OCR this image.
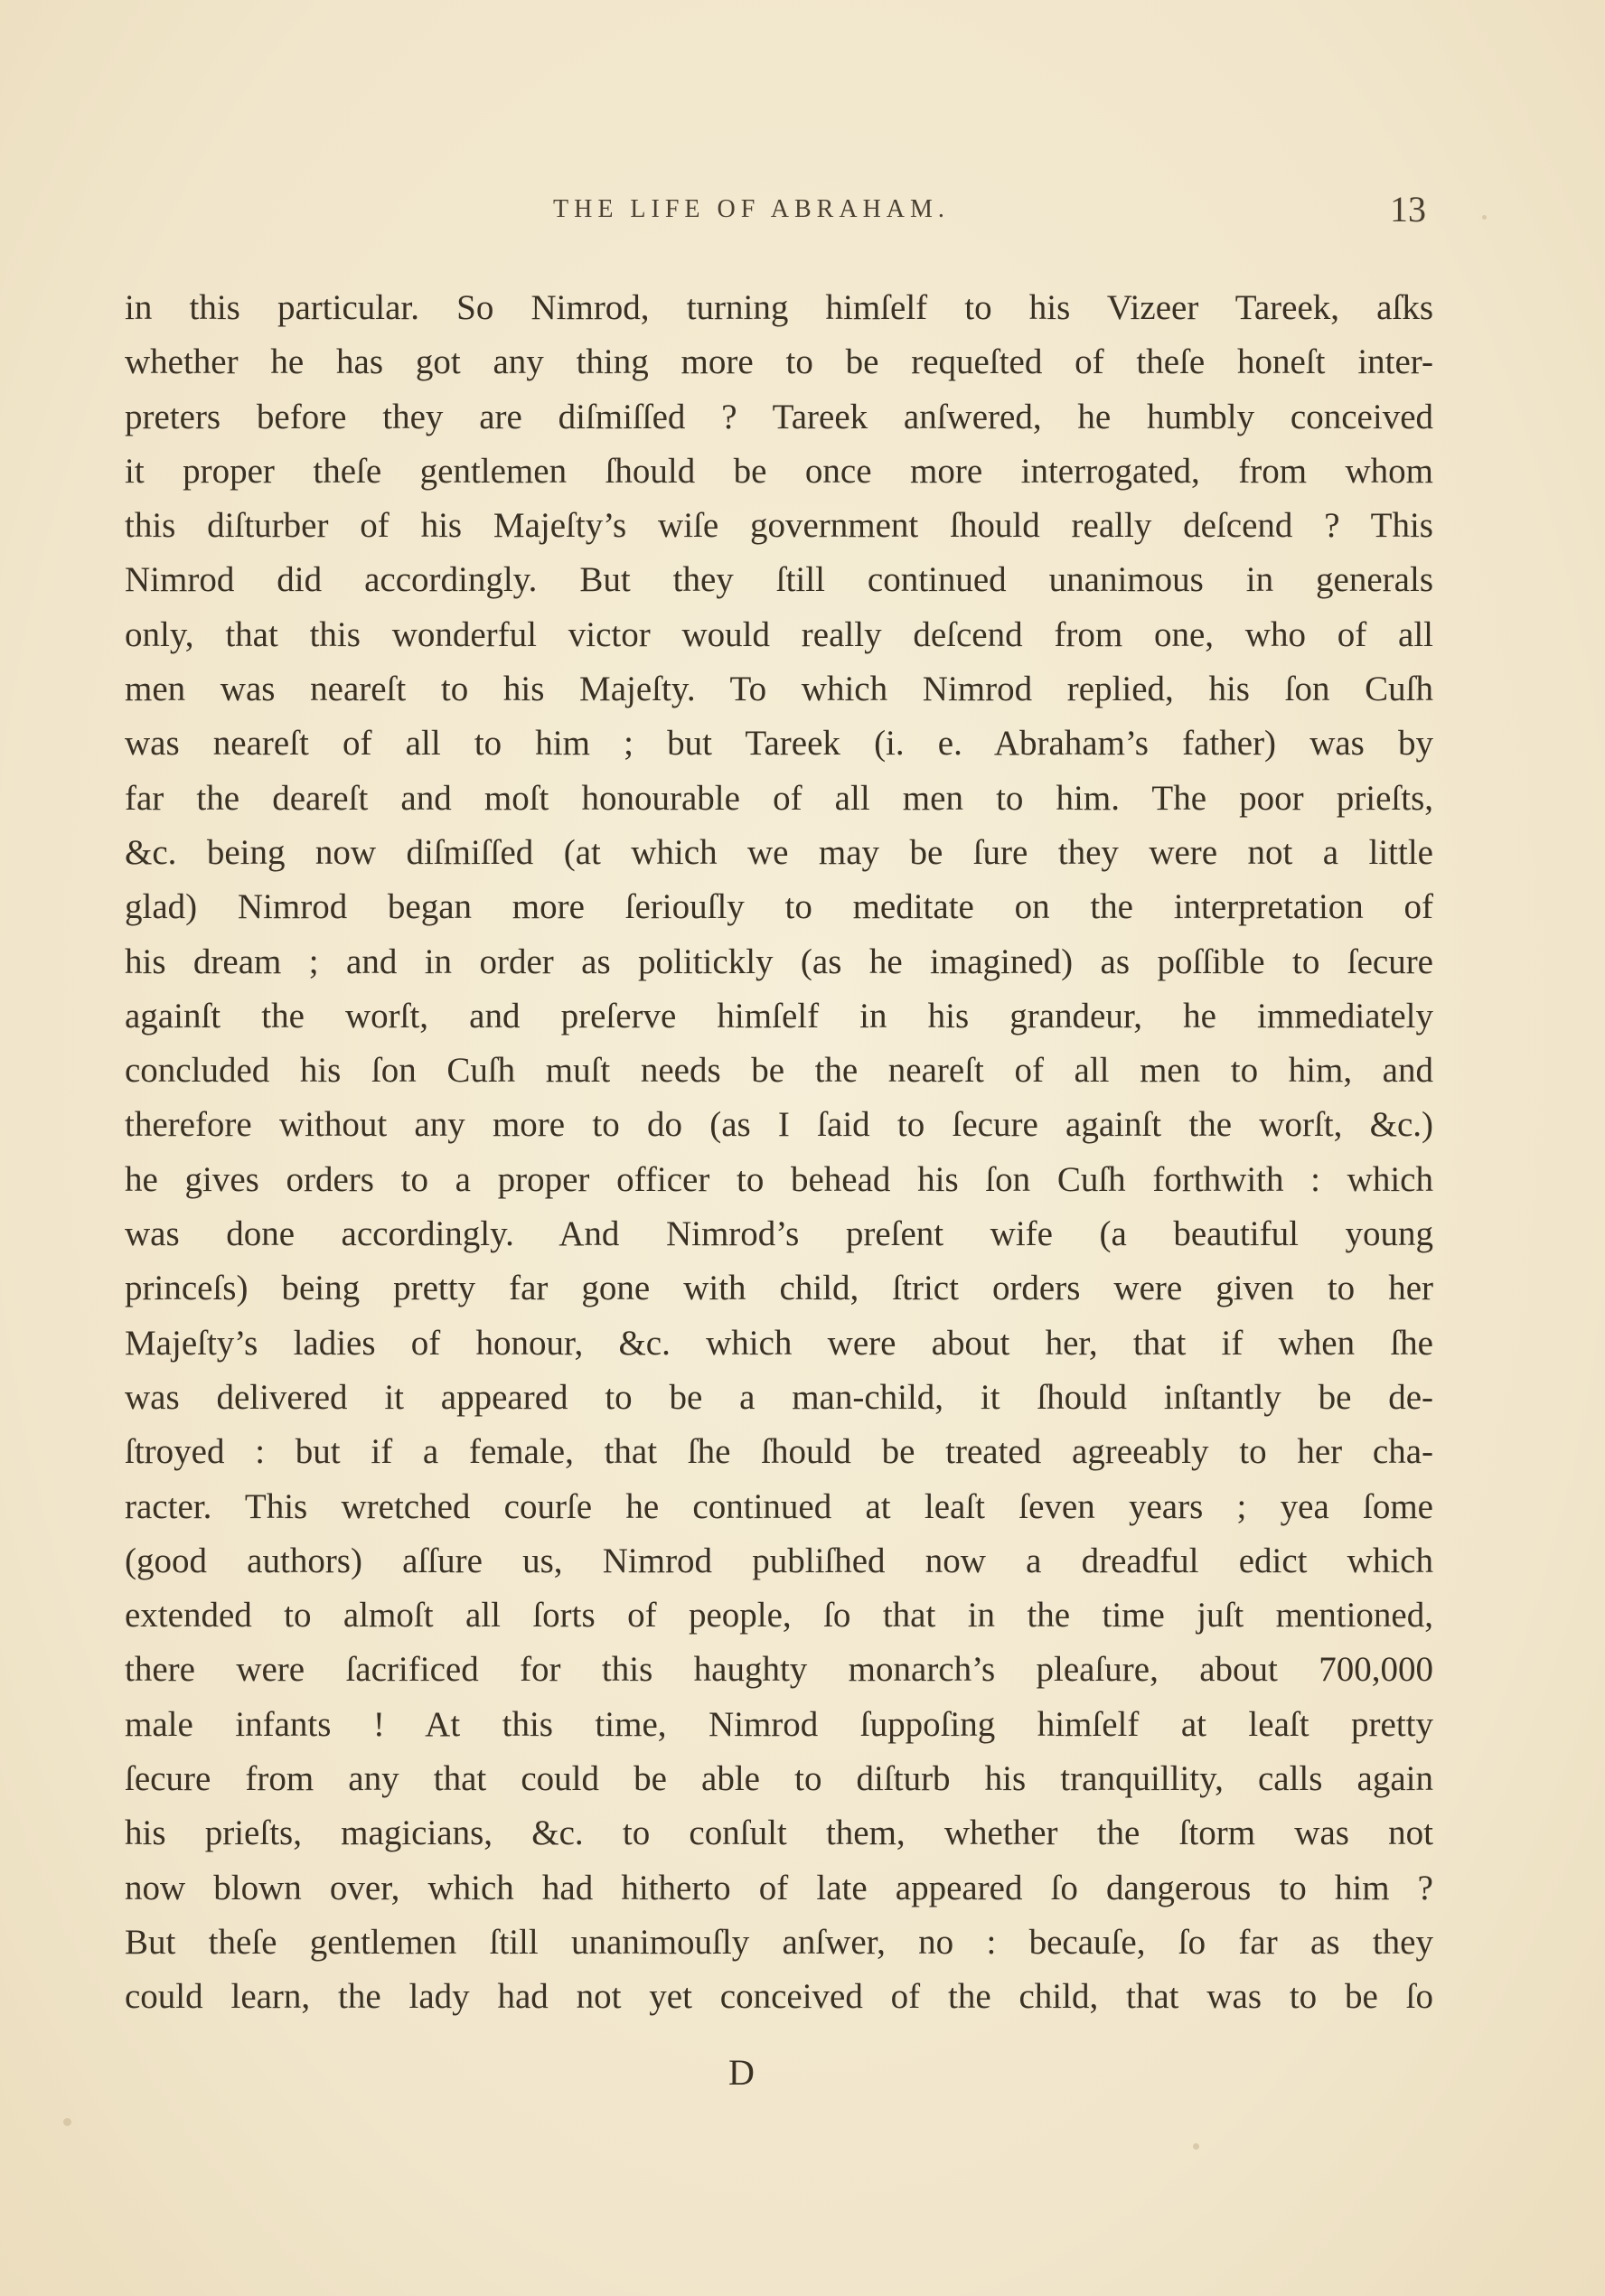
THE LIFE OF ABRAHAM.	13
in this particular. So Nimrod, turning himſelf to his Vizeer Tareek, aſks
whether he has got any thing more to be requeſted of theſe honeſt inter-
preters before they are diſmiſſed ? Tareek anſwered, he humbly conceived
it proper theſe gentlemen ſhould be once more interrogated, from whom
this diſturber of his Majeſty’s wiſe government ſhould really deſcend ? This
Nimrod did accordingly. But they ſtill continued unanimous in generals
only, that this wonderful victor would really deſcend from one, who of all
men was neareſt to his Majeſty. To which Nimrod replied, his ſon Cuſh
was neareſt of all to him ; but Tareek (i. e. Abraham’s father) was by
far the deareſt and moſt honourable of all men to him. The poor prieſts,
&c. being now diſmiſſed (at which we may be ſure they were not a little
glad) Nimrod began more ſeriouſly to meditate on the interpretation of
his dream ; and in order as politickly (as he imagined) as poſſible to ſecure
againſt the worſt, and preſerve himſelf in his grandeur, he immediately
concluded his ſon Cuſh muſt needs be the neareſt of all men to him, and
therefore without any more to do (as I ſaid to ſecure againſt the worſt, &c.)
he gives orders to a proper officer to behead his ſon Cuſh forthwith : which
was done accordingly. And Nimrod’s preſent wife (a beautiful young
princeſs) being pretty far gone with child, ſtrict orders were given to her
Majeſty’s ladies of honour, &c. which were about her, that if when ſhe
was delivered it appeared to be a man-child, it ſhould inſtantly be de-
ſtroyed : but if a female, that ſhe ſhould be treated agreeably to her cha-
racter. This wretched courſe he continued at leaſt ſeven years ; yea ſome
(good authors) aſſure us, Nimrod publiſhed now a dreadful edict which
extended to almoſt all ſorts of people, ſo that in the time juſt mentioned,
there were ſacrificed for this haughty monarch’s pleaſure, about 700,000
male infants ! At this time, Nimrod ſuppoſing himſelf at leaſt pretty
ſecure from any that could be able to diſturb his tranquillity, calls again
his prieſts, magicians, &c. to conſult them, whether the ſtorm was not
now blown over, which had hitherto of late appeared ſo dangerous to him ?
But theſe gentlemen ſtill unanimouſly anſwer, no : becauſe, ſo far as they
could learn, the lady had not yet conceived of the child, that was to be ſo
D
